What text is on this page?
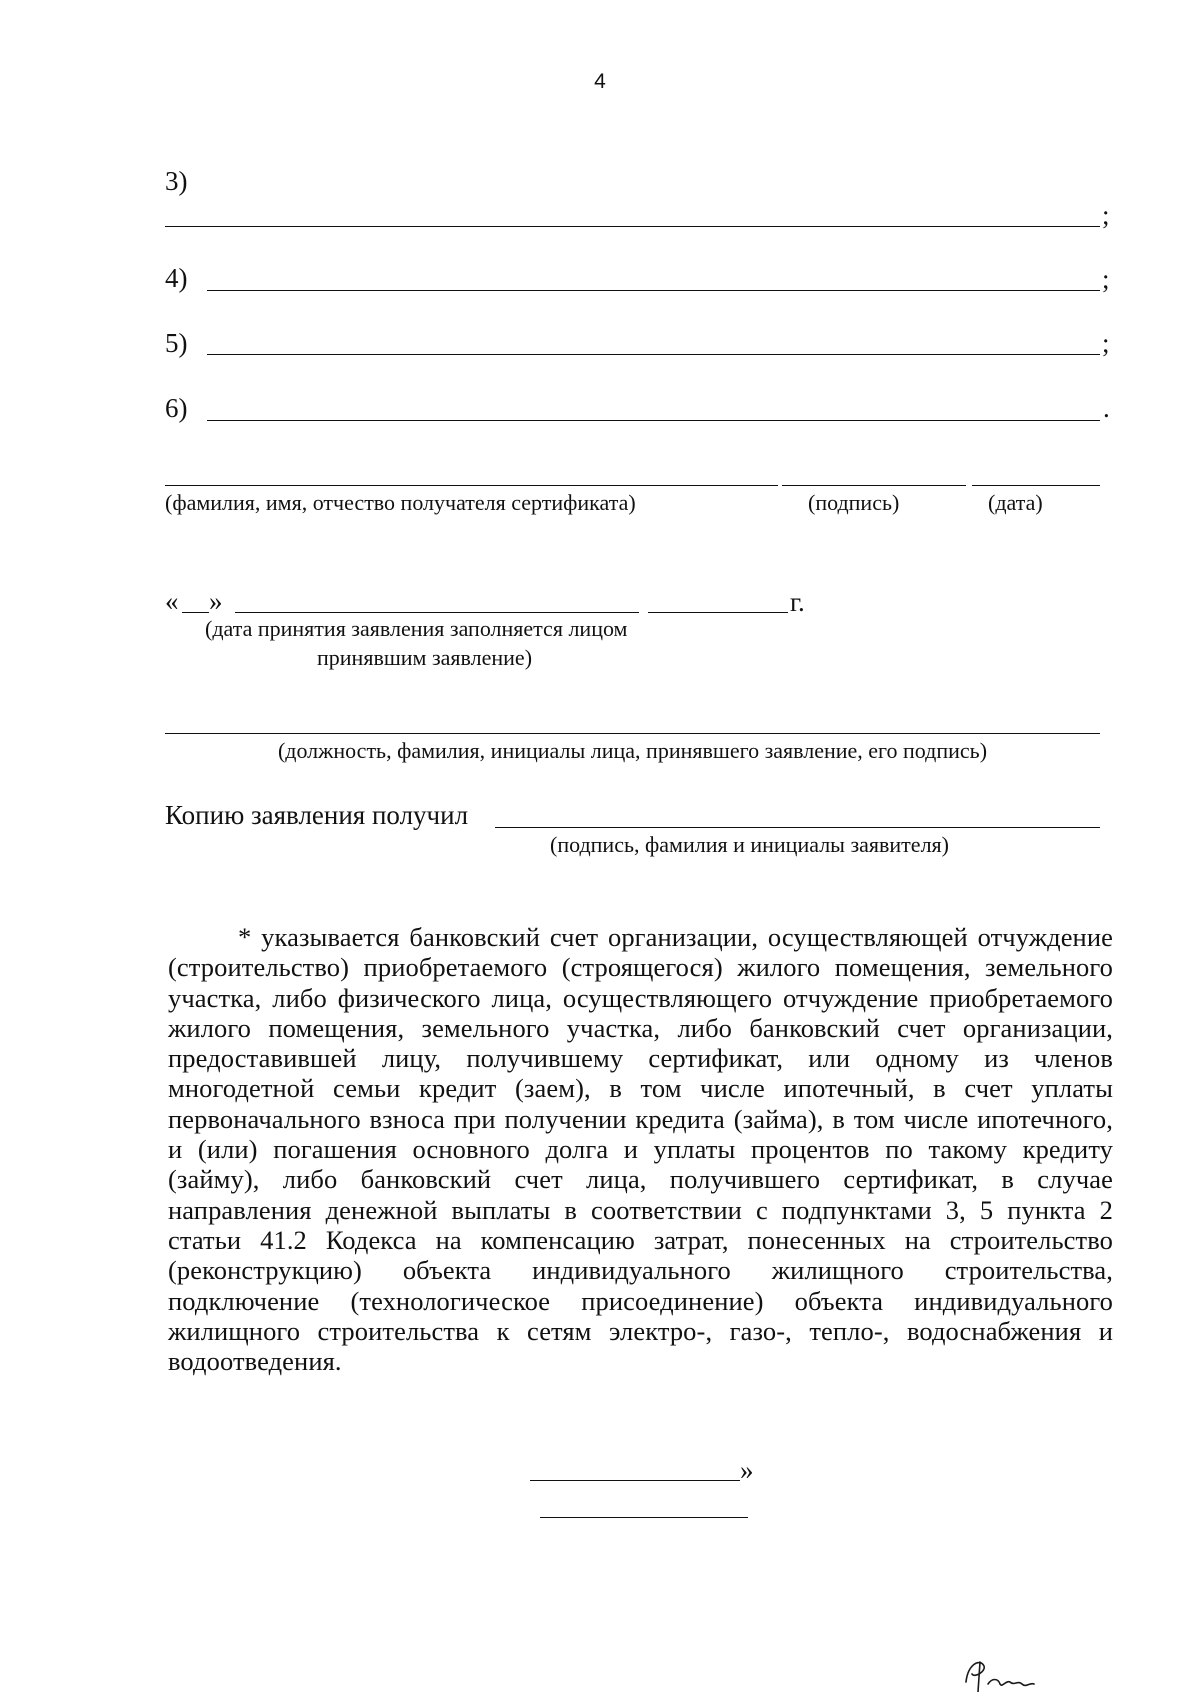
4
3)
;
4)	;
5)	;
6)	.
(фамилия, имя, отчество получателя сертификата)	(подпись)	(дата)
« »	г.
(дата принятия заявления заполняется лицом
принявшим заявление)
(должность, фамилия, инициалы лица, принявшего заявление, его подпись)
Копию заявления получил
(подпись, фамилия и инициалы заявителя)

* указывается банковский счет организации, осуществляющей отчуждение (строительство) приобретаемого (строящегося) жилого помещения, земельного участка, либо физического лица, осуществляющего отчуждение приобретаемого жилого помещения, земельного участка, либо банковский счет организации, предоставившей лицу, получившему сертификат, или одному из членов многодетной семьи кредит (заем), в том числе ипотечный, в счет уплаты первоначального взноса при получении кредита (займа), в том числе ипотечного, и (или) погашения основного долга и уплаты процентов по такому кредиту (займу), либо банковский счет лица, получившего сертификат, в случае направления денежной выплаты в соответствии с подпунктами 3, 5 пункта 2 статьи 41.2 Кодекса на компенсацию затрат, понесенных на строительство (реконструкцию) объекта индивидуального жилищного строительства, подключение (технологическое присоединение) объекта индивидуального жилищного строительства к сетям электро-, газо-, тепло-, водоснабжения и водоотведения.

»
